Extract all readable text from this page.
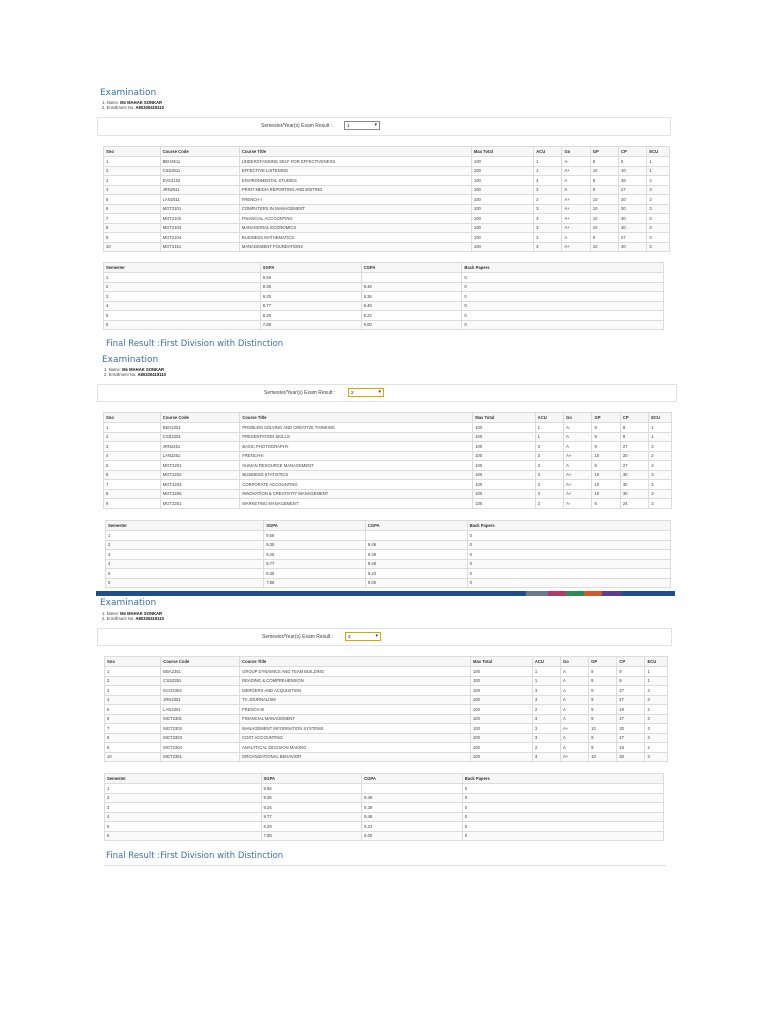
Examination
1. Name: Ms MAHAK SONKAR
2. Enrollment No. A80330419110
Semester/Year(s) Exam Result :	1	▾
Sno	Course Code	Course Title	Max Total	ACU	Go	GP	CP	ECU
1	BEH2511	UNDERSTANDING SELF FOR EFFECTIVENESS	100	1	A-	8	8	1
2	CSS2511	EFFECTIVE LISTENING	100	1	A+	10	10	1
3	EVS2152	ENVIRONMENTAL STUDIES	100	4	A	9	36	4
4	JRN2511	PRINT MEDIA REPORTING AND EDITING	100	3	A	9	27	3
5	LAN2511	FRENCH-I	100	2	A+	10	20	2
6	MGT2101	COMPUTERS IN MANAGEMENT	100	3	A+	10	30	3
7	MGT2102	FINANCIAL ACCOUNTING	100	3	A+	10	30	3
8	MGT2103	MANAGERIAL ECONOMICS	100	3	A+	10	30	3
9	MGT2104	BUSINESS MATHEMATICS	100	3	A	9	27	3
10	MGT2151	MANAGEMENT FOUNDATIONS	100	3	A+	10	30	3
Semester	SGPA	CGPA	Back Papers
1	9.56		0
2	9.35	9.46	0
3	9.25	9.39	0
4	9.77	9.48	0
5	8.39	9.23	0
6	7.88	9.00	0
Final Result :First Division with Distinction
Examination
1. Name: Ms MAHAK SONKAR
2. Enrollment No. A80330419110
Semester/Year(s) Exam Result :	2	▾
Sno	Course Code	Course Title	Max Total	ACU	Go	GP	CP	ECU
1	BEH2251	PROBLEM SOLVING AND CREATIVE THINKING	100	1	A-	8	8	1
2	CSS2251	PRESENTATION SKILLS	100	1	A	9	9	1
3	JRN2251	BASIC PHOTOGRAPHY	100	3	A	9	27	3
4	LAN2251	FRENCH-II	100	2	A+	10	20	2
5	MGT2201	HUMAN RESOURCE MANAGEMENT	100	3	A	9	27	3
6	MGT2202	BUSINESS STATISTICS	100	3	A+	10	30	3
7	MGT2203	CORPORATE ACCOUNTING	100	3	A+	10	30	3
8	MGT2205	INNOVATION & CREATIVITY MANAGEMENT	100	3	A+	10	30	3
9	MGT2251	MARKETING MANAGEMENT	100	3	A-	8	24	3
Semester	SGPA	CGPA	Back Papers
1	9.56		0
2	9.35	9.46	0
3	9.25	9.39	0
4	9.77	9.48	0
5	8.39	9.23	0
6	7.88	9.00	0
Examination
1. Name: Ms MAHAK SONKAR
2. Enrollment No. A80330419110
Semester/Year(s) Exam Result :	3	▾
Sno	Course Code	Course Title	Max Total	ACU	Go	GP	CP	ECU
1	BBA2351	GROUP DYNAMICS AND TEAM BUILDING	100	1	A	9	9	1
2	CSS2351	READING & COMPREHENSION	100	1	A	9	9	1
3	ECO2304	MERGERS AND ACQUISITION	100	3	A	9	27	3
4	JRN2351	TV JOURNALISM	100	3	A	9	27	3
5	LAN2351	FRENCH-III	100	2	A	9	18	2
6	MGT2301	FINANCIAL MANAGEMENT	100	3	A	9	27	3
7	MGT2302	MANAGEMENT INFORMATION SYSTEMS	100	3	A+	10	30	3
8	MGT2303	COST ACCOUNTING	100	3	A	9	27	3
9	MGT2304	ANALYTICAL DECISION MAKING	100	2	A	9	18	2
10	MGT2351	ORGANIZATIONAL BEHAVIOR	100	3	A+	10	30	3
Semester	SGPA	CGPA	Back Papers
1	9.56		0
2	9.35	9.46	0
3	9.25	9.39	0
4	9.77	9.48	0
5	8.39	9.23	0
6	7.88	9.00	0
Final Result :First Division with Distinction
